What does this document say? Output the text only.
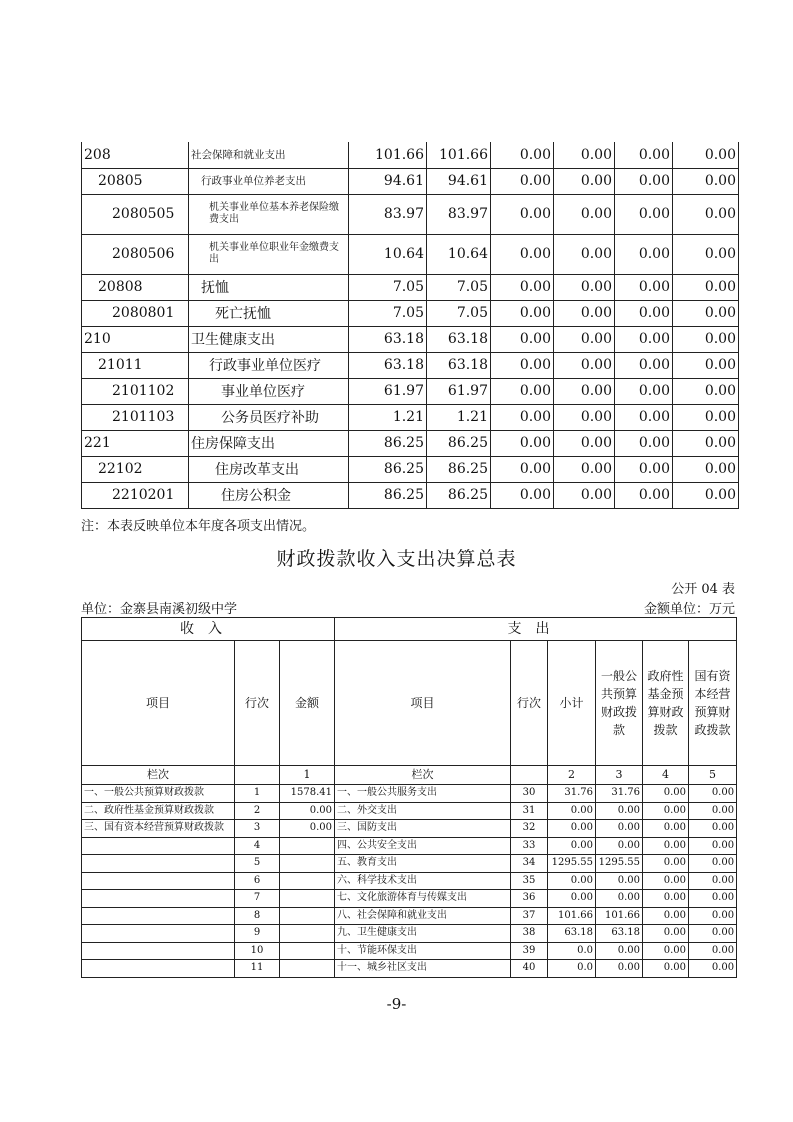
208	社会保障和就业支出	101.66	101.66	0.00	0.00	0.00	0.00
20805	行政事业单位养老支出	94.61	94.61	0.00	0.00	0.00	0.00
2080505	机关事业单位基本养老保险缴费支出	83.97	83.97	0.00	0.00	0.00	0.00
2080506	机关事业单位职业年金缴费支出	10.64	10.64	0.00	0.00	0.00	0.00
20808	抚恤	7.05	7.05	0.00	0.00	0.00	0.00
2080801	死亡抚恤	7.05	7.05	0.00	0.00	0.00	0.00
210	卫生健康支出	63.18	63.18	0.00	0.00	0.00	0.00
21011	行政事业单位医疗	63.18	63.18	0.00	0.00	0.00	0.00
2101102	事业单位医疗	61.97	61.97	0.00	0.00	0.00	0.00
2101103	公务员医疗补助	1.21	1.21	0.00	0.00	0.00	0.00
221	住房保障支出	86.25	86.25	0.00	0.00	0.00	0.00
22102	住房改革支出	86.25	86.25	0.00	0.00	0.00	0.00
2210201	住房公积金	86.25	86.25	0.00	0.00	0.00	0.00
注：本表反映单位本年度各项支出情况。
财政拨款收入支出决算总表
公开 04 表
单位：金寨县南溪初级中学	金额单位：万元
收入			支出					
项目	行次	金额	项目	行次	小计	一般公共预算财政拨款	政府性基金预算财政拨款	国有资本经营预算财政拨款
栏次		1	栏次		2	3	4	5
一、一般公共预算财政拨款	1	1578.41	一、一般公共服务支出	30	31.76	31.76	0.00	0.00
二、政府性基金预算财政拨款	2	0.00	二、外交支出	31	0.00	0.00	0.00	0.00
三、国有资本经营预算财政拨款	3	0.00	三、国防支出	32	0.00	0.00	0.00	0.00
	4		四、公共安全支出	33	0.00	0.00	0.00	0.00
	5		五、教育支出	34	1295.55	1295.55	0.00	0.00
	6		六、科学技术支出	35	0.00	0.00	0.00	0.00
	7		七、文化旅游体育与传媒支出	36	0.00	0.00	0.00	0.00
	8		八、社会保障和就业支出	37	101.66	101.66	0.00	0.00
	9		九、卫生健康支出	38	63.18	63.18	0.00	0.00
	10		十、节能环保支出	39	0.0	0.00	0.00	0.00
	11		十一、城乡社区支出	40	0.0	0.00	0.00	0.00
-9-
